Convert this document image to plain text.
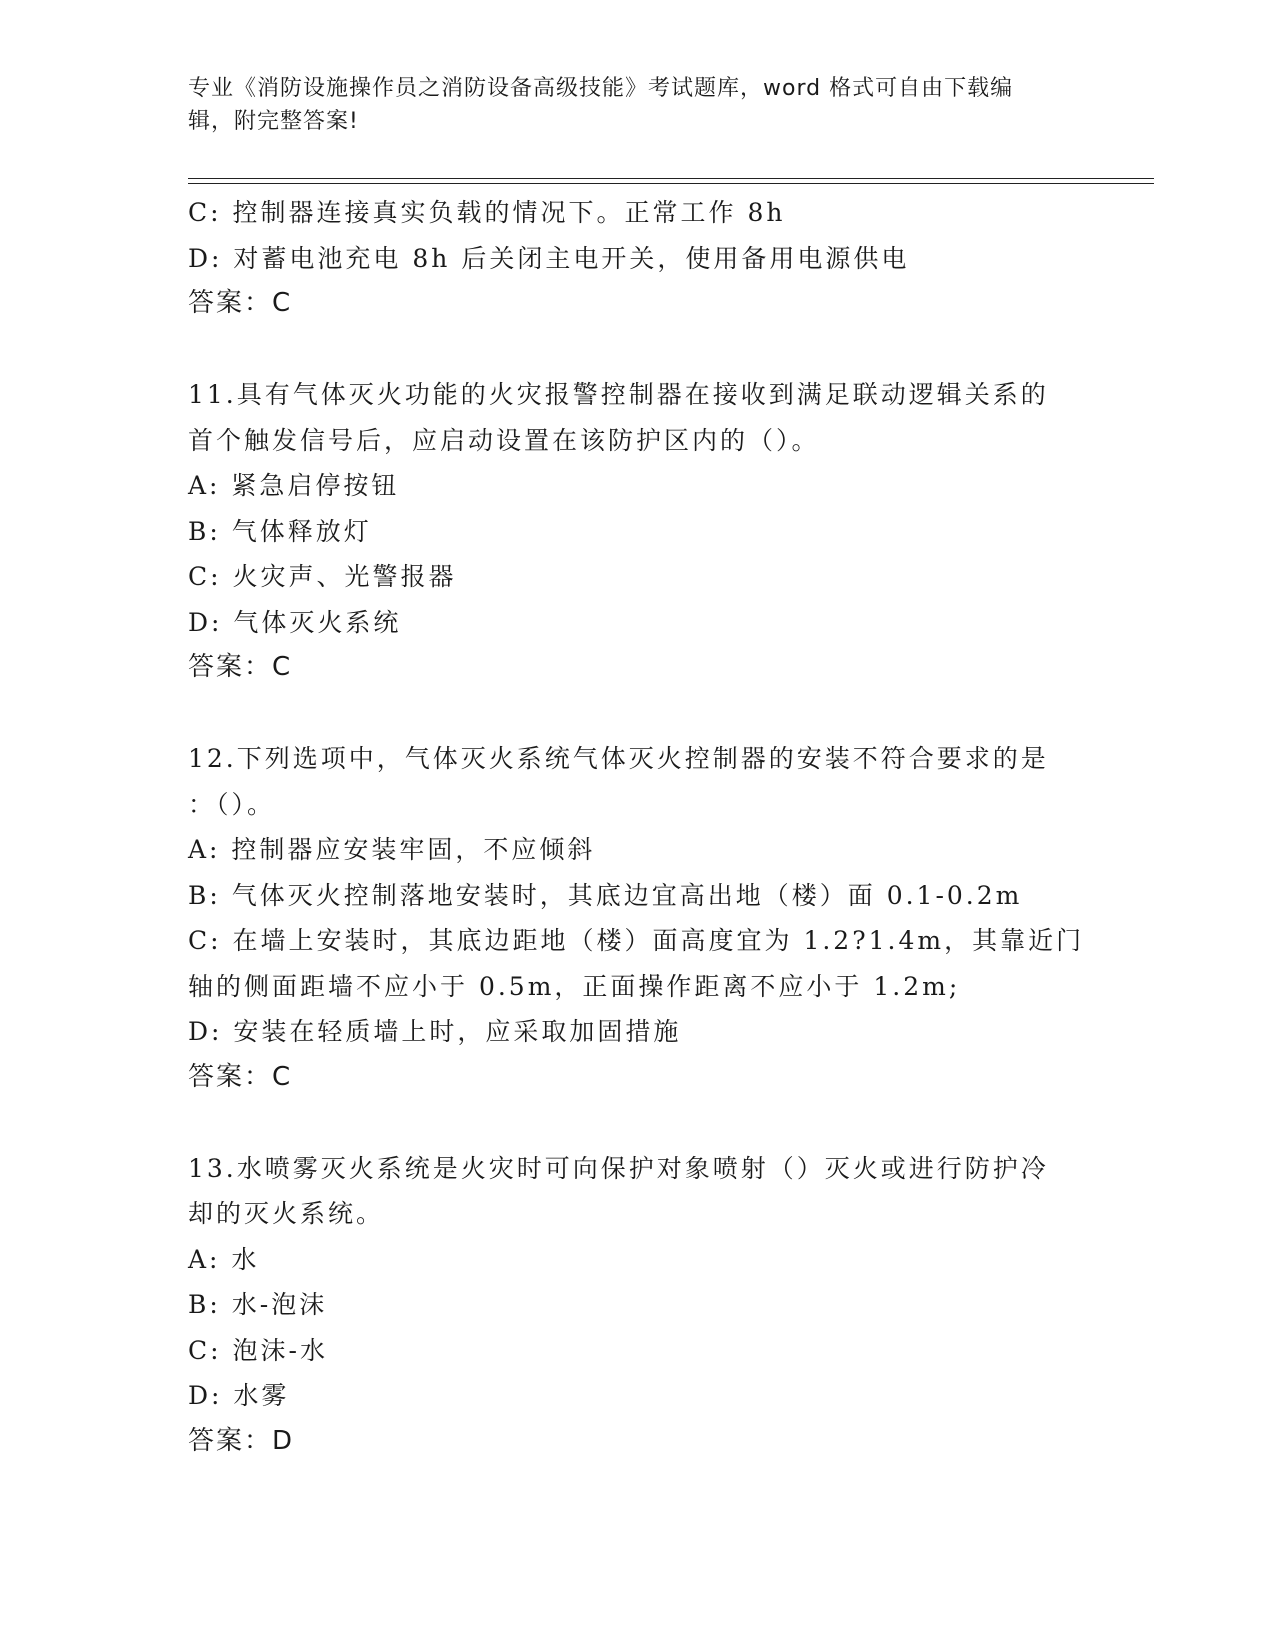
专业《消防设施操作员之消防设备高级技能》考试题库，word 格式可自由下载编
辑，附完整答案!
C: 控制器连接真实负载的情况下。正常工作 8h
D: 对蓄电池充电 8h 后关闭主电开关，使用备用电源供电
答案：C
11.具有气体灭火功能的火灾报警控制器在接收到满足联动逻辑关系的
首个触发信号后，应启动设置在该防护区内的（）。
A: 紧急启停按钮
B: 气体释放灯
C: 火灾声、光警报器
D: 气体灭火系统
答案：C
12.下列选项中，气体灭火系统气体灭火控制器的安装不符合要求的是
：（）。
A: 控制器应安装牢固，不应倾斜
B: 气体灭火控制落地安装时，其底边宜高出地（楼）面 0.1-0.2m
C: 在墙上安装时，其底边距地（楼）面高度宜为 1.2?1.4m，其靠近门
轴的侧面距墙不应小于 0.5m，正面操作距离不应小于 1.2m;
D: 安装在轻质墙上时，应采取加固措施
答案：C
13.水喷雾灭火系统是火灾时可向保护对象喷射（）灭火或进行防护冷
却的灭火系统。
A: 水
B: 水-泡沫
C: 泡沫-水
D: 水雾
答案：D
